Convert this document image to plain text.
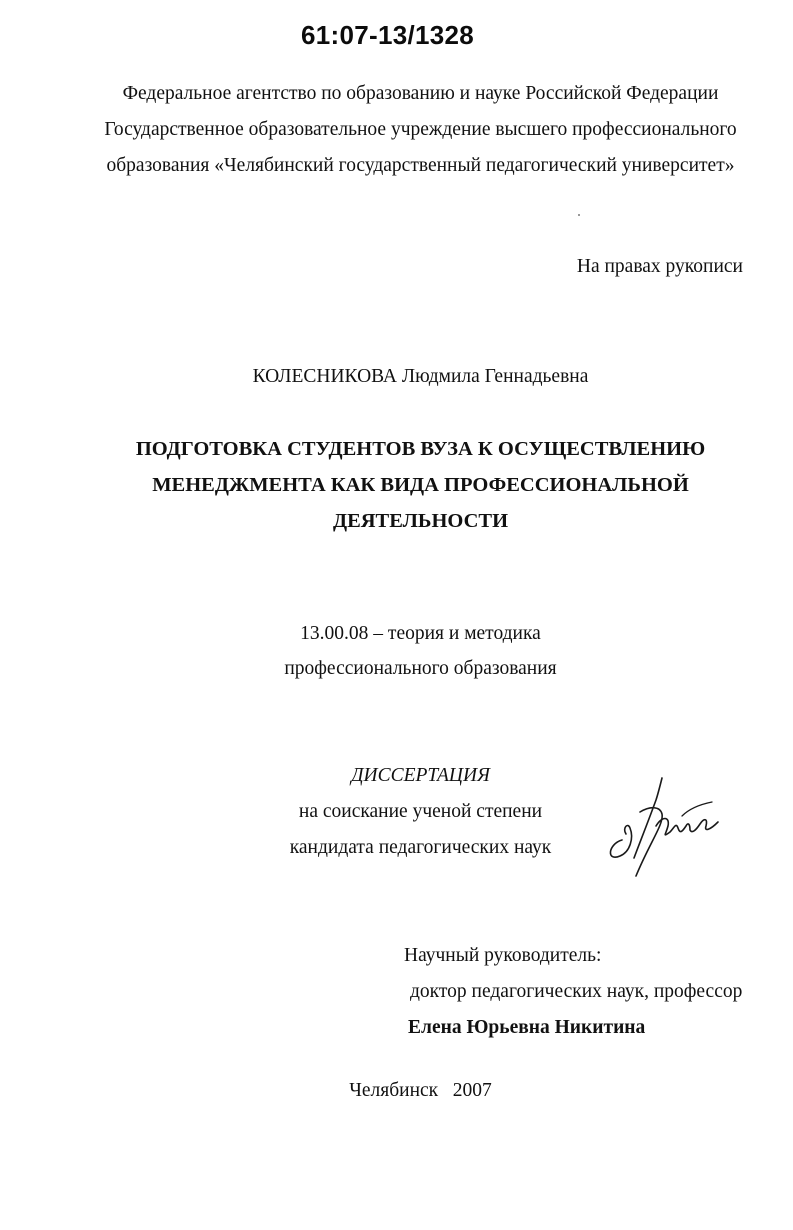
61:07-13/1328
Федеральное агентство по образованию и науке Российской Федерации
Государственное образовательное учреждение высшего профессионального
образования «Челябинский государственный педагогический университет»
На правах рукописи
КОЛЕСНИКОВА Людмила Геннадьевна
ПОДГОТОВКА СТУДЕНТОВ ВУЗА К ОСУЩЕСТВЛЕНИЮ
МЕНЕДЖМЕНТА КАК ВИДА ПРОФЕССИОНАЛЬНОЙ
ДЕЯТЕЛЬНОСТИ
13.00.08 – теория и методика
профессионального образования
ДИССЕРТАЦИЯ
на соискание ученой степени
кандидата педагогических наук
Научный руководитель:
доктор педагогических наук, профессор
Елена Юрьевна Никитина
Челябинск   2007
